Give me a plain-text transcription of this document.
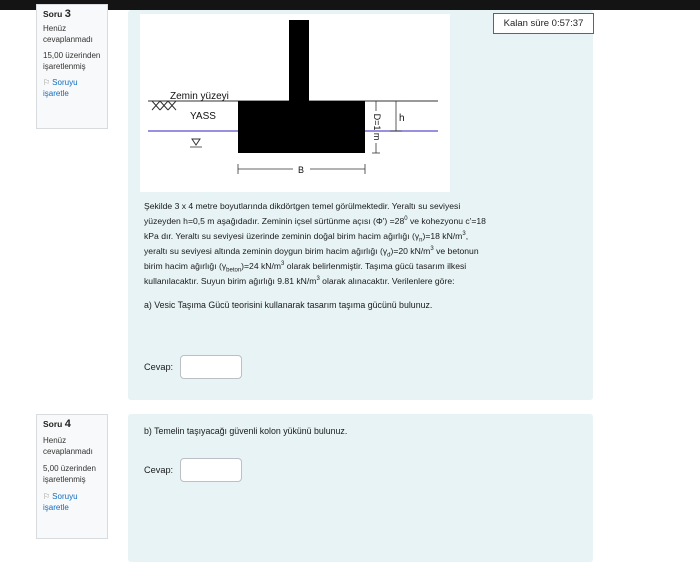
Soru 3
Henüz cevaplanmadı
15,00 üzerinden işaretlenmiş
⚐ Soruyu işaretle
Soru 4
Henüz cevaplanmadı
5,00 üzerinden işaretlenmiş
⚐ Soruyu işaretle
Kalan süre 0:57:37
Zemin yüzeyi
YASS
B
h
D=1 m
Şekilde 3 x 4 metre boyutlarında dikdörtgen temel görülmektedir. Yeraltı su seviyesi
yüzeyden h=0,5 m aşağıdadır. Zeminin içsel sürtünme açısı $(\Phi') =28^0$ ve kohezyonu c'=18
kPa dır. Yeraltı su seviyesi üzerinde zeminin doğal birim hacim ağırlığı $(\gamma_n)=18$ $kN/m^3$,
yeraltı su seviyesi altında zeminin doygun birim hacim ağırlığı $(\gamma_d)=20$ $kN/m^3$ ve betonun
birim hacim ağırlığı $(\gamma_{beton})=24$ $kN/m^3$ olarak belirlenmiştir. Taşıma gücü tasarım ilkesi
kullanılacaktır. Suyun birim ağırlığı 9.81 $kN/m^3$ olarak alınacaktır. Verilenlere göre:
a) Vesic Taşıma Gücü teorisini kullanarak tasarım taşıma gücünü bulunuz.
Cevap:
b) Temelin taşıyacağı güvenli kolon yükünü bulunuz.
Cevap:
